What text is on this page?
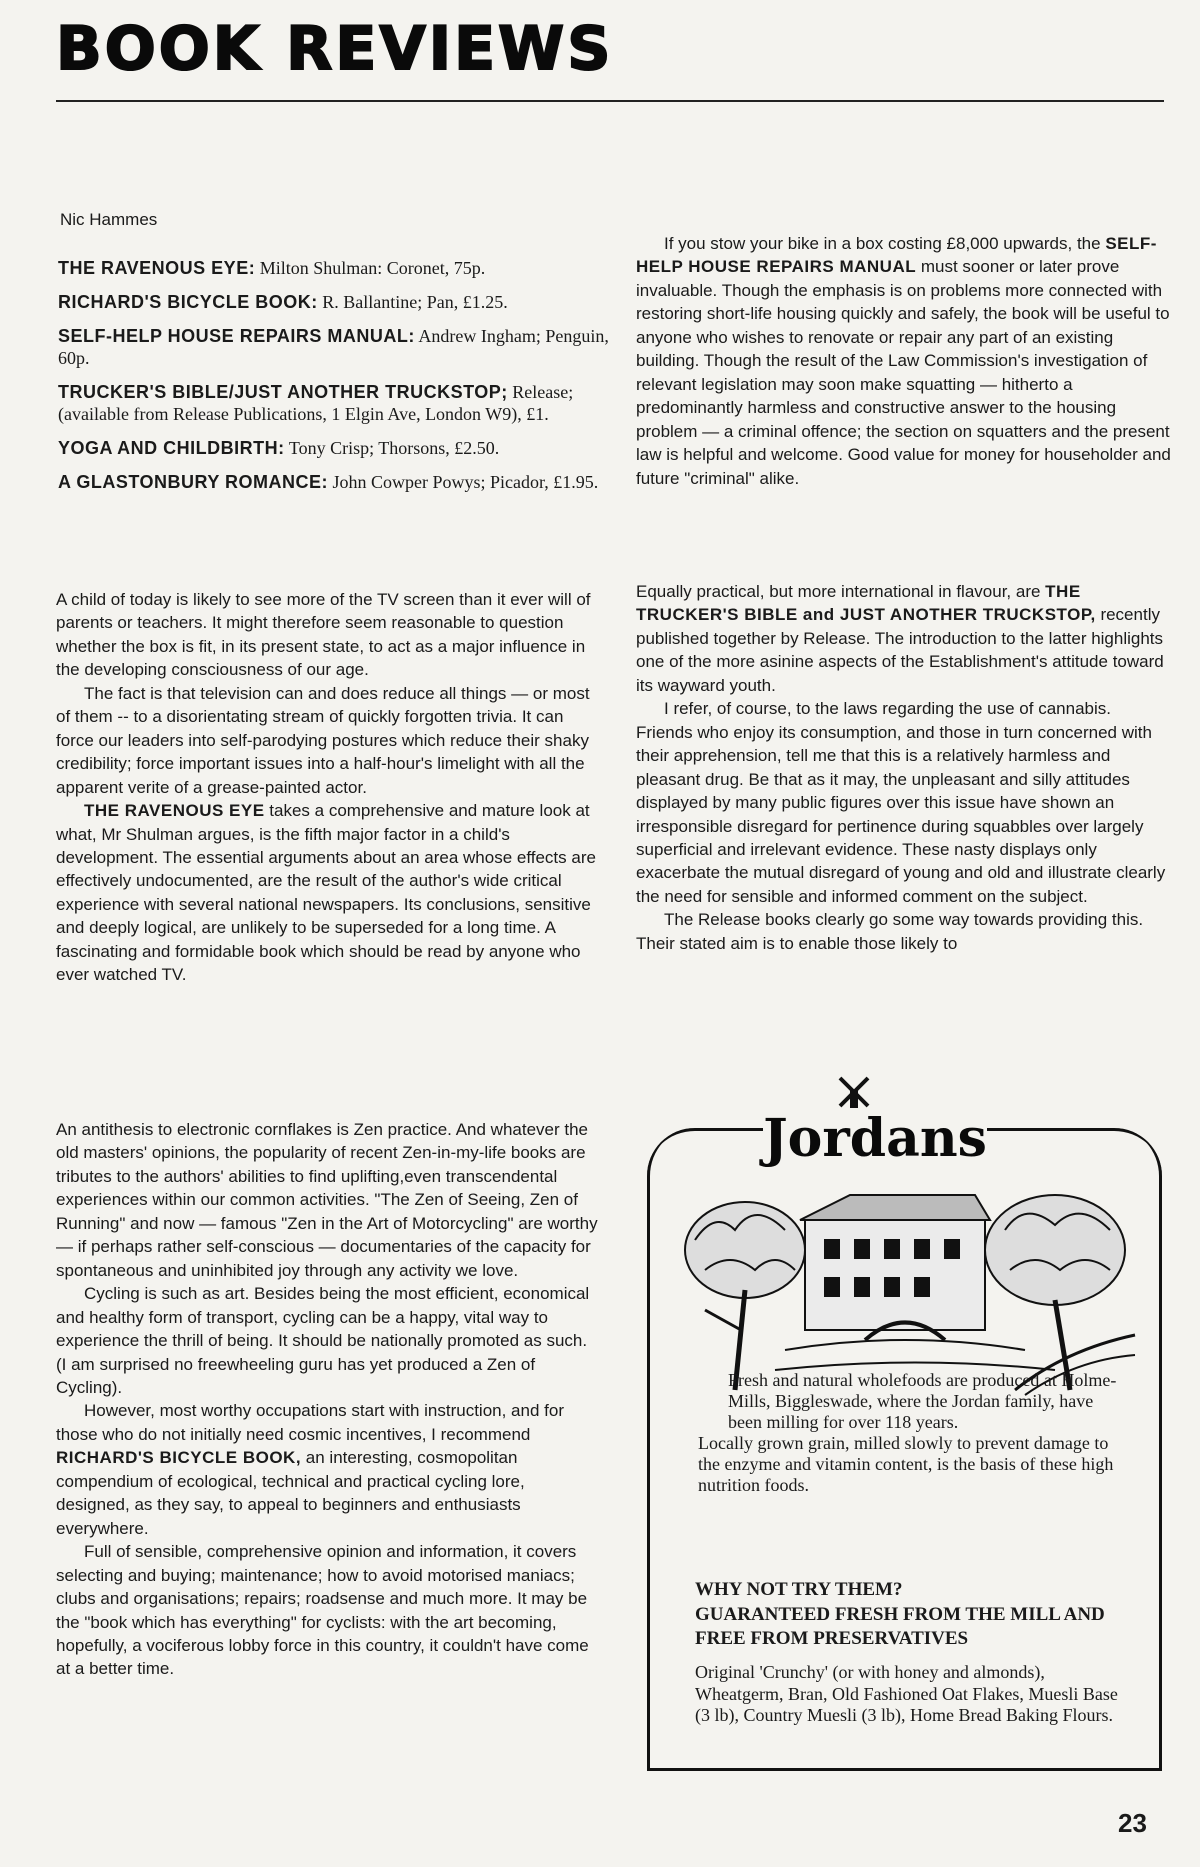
BOOK REVIEWS
Nic Hammes
THE RAVENOUS EYE: Milton Shulman: Coronet, 75p.
RICHARD'S BICYCLE BOOK: R. Ballantine; Pan, £1.25.
SELF-HELP HOUSE REPAIRS MANUAL: Andrew Ingham; Penguin, 60p.
TRUCKER'S BIBLE/JUST ANOTHER TRUCKSTOP; Release; (available from Release Publications, 1 Elgin Ave, London W9), £1.
YOGA AND CHILDBIRTH: Tony Crisp; Thorsons, £2.50.
A GLASTONBURY ROMANCE: John Cowper Powys; Picador, £1.95.

A child of today is likely to see more of the TV screen than it ever will of parents or teachers. It might therefore seem reasonable to question whether the box is fit, in its present state, to act as a major influence in the developing consciousness of our age.

The fact is that television can and does reduce all things — or most of them -- to a disorientating stream of quickly forgotten trivia. It can force our leaders into self-parodying postures which reduce their shaky credibility; force important issues into a half-hour's limelight with all the apparent verite of a grease-painted actor.

THE RAVENOUS EYE takes a comprehensive and mature look at what, Mr Shulman argues, is the fifth major factor in a child's development. The essential arguments about an area whose effects are effectively undocumented, are the result of the author's wide critical experience with several national newspapers. Its conclusions, sensitive and deeply logical, are unlikely to be superseded for a long time. A fascinating and formidable book which should be read by anyone who ever watched TV.

An antithesis to electronic cornflakes is Zen practice. And whatever the old masters' opinions, the popularity of recent Zen-in-my-life books are tributes to the authors' abilities to find uplifting,even transcendental experiences within our common activities. "The Zen of Seeing, Zen of Running" and now — famous "Zen in the Art of Motorcycling" are worthy — if perhaps rather self-conscious — documentaries of the capacity for spontaneous and uninhibited joy through any activity we love.

Cycling is such as art. Besides being the most efficient, economical and healthy form of transport, cycling can be a happy, vital way to experience the thrill of being. It should be nationally promoted as such. (I am surprised no freewheeling guru has yet produced a Zen of Cycling).

However, most worthy occupations start with instruction, and for those who do not initially need cosmic incentives, I recommend RICHARD'S BICYCLE BOOK, an interesting, cosmopolitan compendium of ecological, technical and practical cycling lore, designed, as they say, to appeal to beginners and enthusiasts everywhere.

Full of sensible, comprehensive opinion and information, it covers selecting and buying; maintenance; how to avoid motorised maniacs; clubs and organisations; repairs; roadsense and much more. It may be the "book which has everything" for cyclists: with the art becoming, hopefully, a vociferous lobby force in this country, it couldn't have come at a better time.

If you stow your bike in a box costing £8,000 upwards, the SELF-HELP HOUSE REPAIRS MANUAL must sooner or later prove invaluable. Though the emphasis is on problems more connected with restoring short-life housing quickly and safely, the book will be useful to anyone who wishes to renovate or repair any part of an existing building. Though the result of the Law Commission's investigation of relevant legislation may soon make squatting — hitherto a predominantly harmless and constructive answer to the housing problem — a criminal offence; the section on squatters and the present law is helpful and welcome. Good value for money for householder and future "criminal" alike.

Equally practical, but more international in flavour, are THE TRUCKER'S BIBLE and JUST ANOTHER TRUCKSTOP, recently published together by Release. The introduction to the latter highlights one of the more asinine aspects of the Establishment's attitude toward its wayward youth.

I refer, of course, to the laws regarding the use of cannabis. Friends who enjoy its consumption, and those in turn concerned with their apprehension, tell me that this is a relatively harmless and pleasant drug. Be that as it may, the unpleasant and silly attitudes displayed by many public figures over this issue have shown an irresponsible disregard for pertinence during squabbles over largely superficial and irrelevant evidence. These nasty displays only exacerbate the mutual disregard of young and old and illustrate clearly the need for sensible and informed comment on the subject.

The Release books clearly go some way towards providing this. Their stated aim is to enable those likely to

Jordans

Fresh and natural wholefoods are produced at Holme-Mills, Biggleswade, where the Jordan family, have been milling for over 118 years.

Locally grown grain, milled slowly to prevent damage to the enzyme and vitamin content, is the basis of these high nutrition foods.

WHY NOT TRY THEM?

GUARANTEED FRESH FROM THE MILL AND FREE FROM PRESERVATIVES

Original 'Crunchy' (or with honey and almonds), Wheatgerm, Bran, Old Fashioned Oat Flakes, Muesli Base (3 lb), Country Muesli (3 lb), Home Bread Baking Flours.
23
